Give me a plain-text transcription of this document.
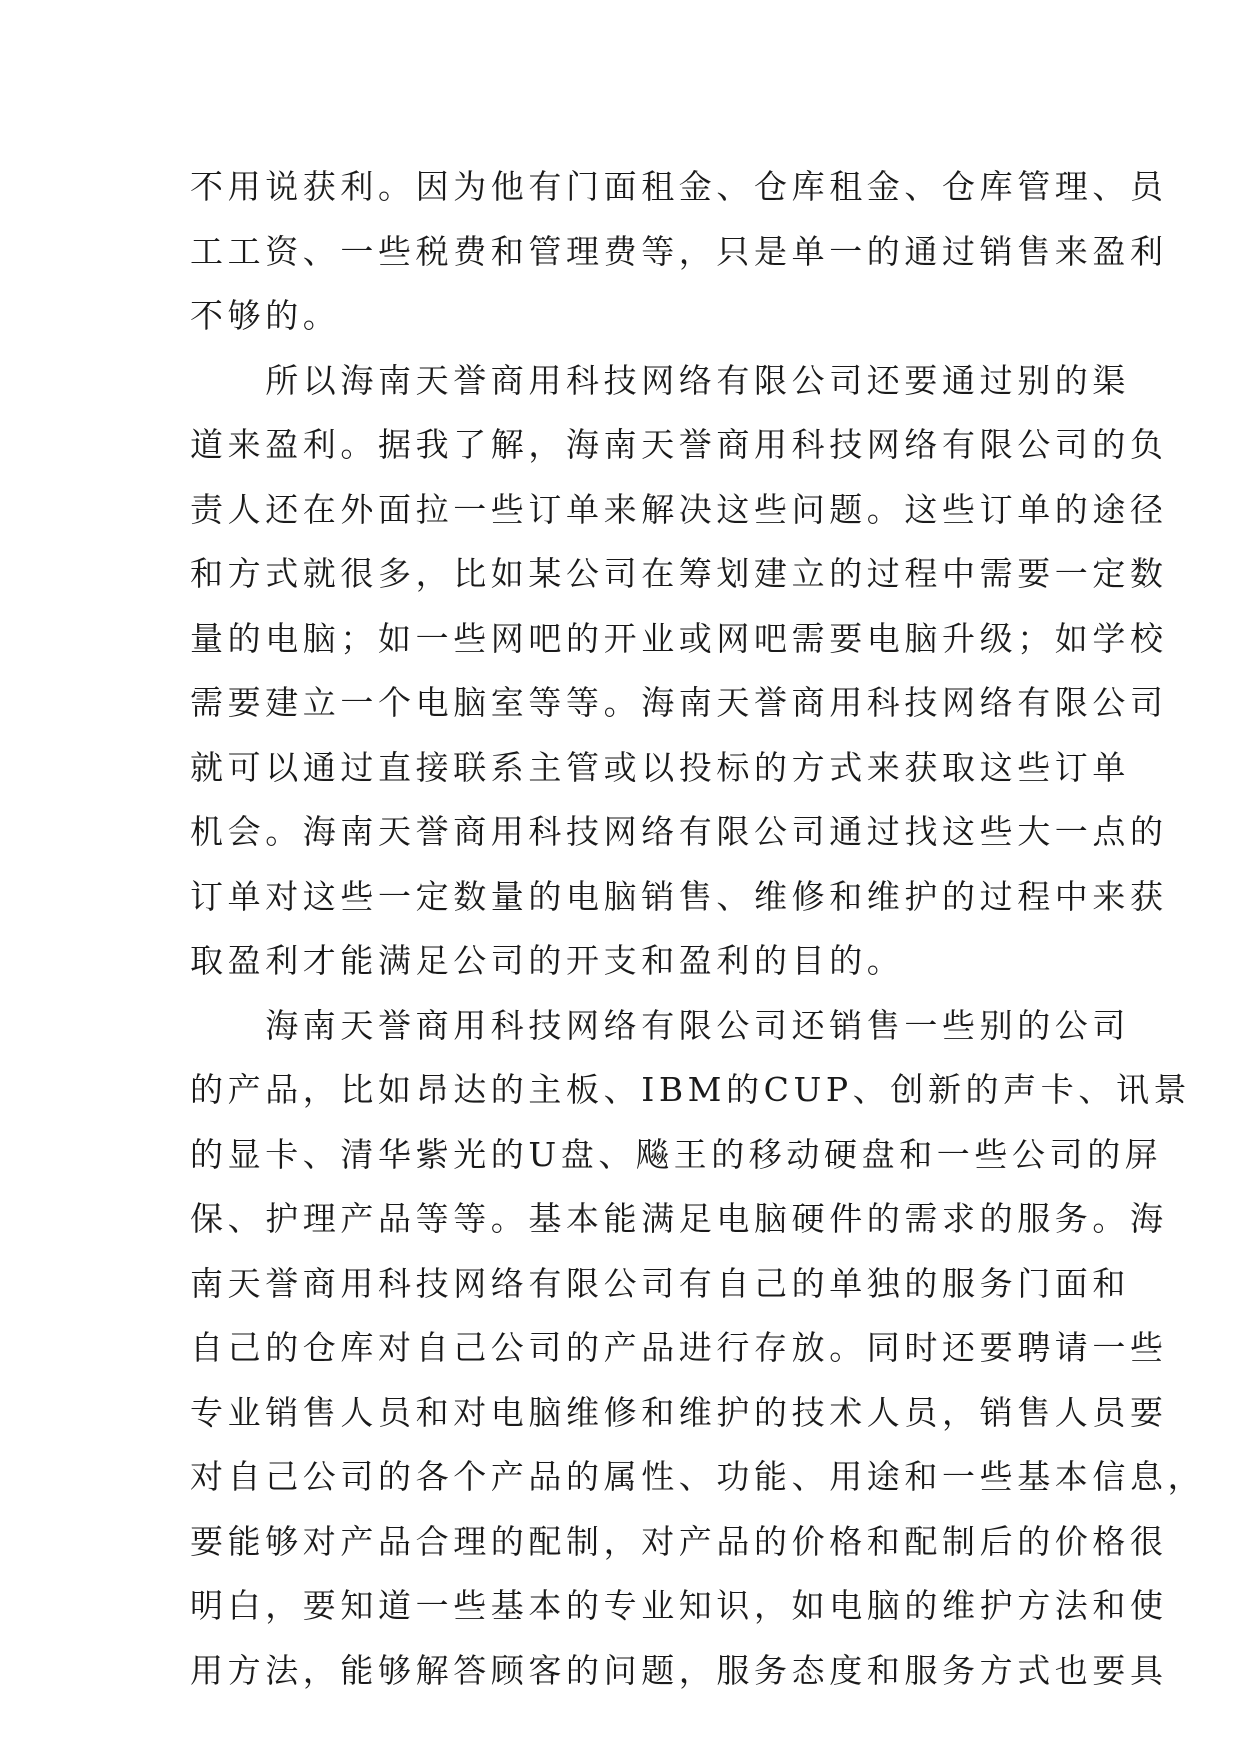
不用说获利。因为他有门面租金、仓库租金、仓库管理、员
工工资、一些税费和管理费等，只是单一的通过销售来盈利
不够的。
　　所以海南天誉商用科技网络有限公司还要通过别的渠
道来盈利。据我了解，海南天誉商用科技网络有限公司的负
责人还在外面拉一些订单来解决这些问题。这些订单的途径
和方式就很多，比如某公司在筹划建立的过程中需要一定数
量的电脑；如一些网吧的开业或网吧需要电脑升级；如学校
需要建立一个电脑室等等。海南天誉商用科技网络有限公司
就可以通过直接联系主管或以投标的方式来获取这些订单
机会。海南天誉商用科技网络有限公司通过找这些大一点的
订单对这些一定数量的电脑销售、维修和维护的过程中来获
取盈利才能满足公司的开支和盈利的目的。
　　海南天誉商用科技网络有限公司还销售一些别的公司
的产品，比如昂达的主板、IBM的CUP、创新的声卡、讯景
的显卡、清华紫光的U盘、飚王的移动硬盘和一些公司的屏
保、护理产品等等。基本能满足电脑硬件的需求的服务。海
南天誉商用科技网络有限公司有自己的单独的服务门面和
自己的仓库对自己公司的产品进行存放。同时还要聘请一些
专业销售人员和对电脑维修和维护的技术人员，销售人员要
对自己公司的各个产品的属性、功能、用途和一些基本信息，
要能够对产品合理的配制，对产品的价格和配制后的价格很
明白，要知道一些基本的专业知识，如电脑的维护方法和使
用方法，能够解答顾客的问题，服务态度和服务方式也要具
